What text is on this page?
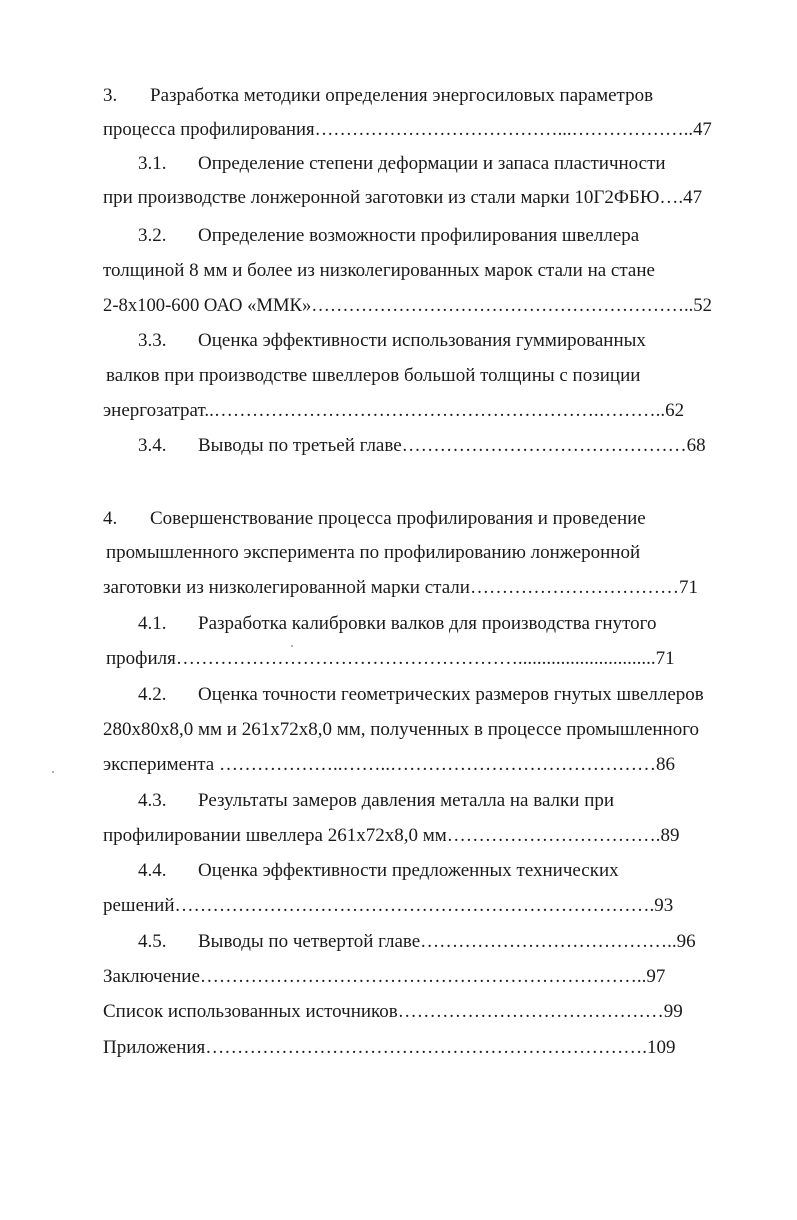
3. Разработка методики определения энергосиловых параметров
процесса профилирования…………………………………...………………..47
3.1. Определение степени деформации и запаса пластичности
при производстве лонжеронной заготовки из стали марки 10Г2ФБЮ….47
3.2. Определение возможности профилирования швеллера
толщиной 8 мм и более из низколегированных марок стали на стане
2-8х100-600 ОАО «ММК»……………………………………………………..52
3.3. Оценка эффективности использования гуммированных
валков при производстве швеллеров большой толщины с позиции
энергозатрат..…………………………………………………….………..62
3.4. Выводы по третьей главе………………………………………68
4. Совершенствование процесса профилирования и проведение
промышленного эксперимента по профилированию лонжеронной
заготовки из низколегированной марки стали……………………………71
4.1. Разработка калибровки валков для производства гнутого
профиля……………………………………………….............................71
4.2. Оценка точности геометрических размеров гнутых швеллеров
280х80х8,0 мм и 261х72х8,0 мм, полученных в процессе промышленного
эксперимента ………………..……..……………………………………86
4.3. Результаты замеров давления металла на валки при
профилировании швеллера 261х72х8,0 мм…………………………….89
4.4. Оценка эффективности предложенных технических
решений………………………………………………………………….93
4.5. Выводы по четвертой главе…………………………………..96
Заключение……………………………………………………………..97
Список использованных источников……………………………………99
Приложения…………………………………………………………….109
